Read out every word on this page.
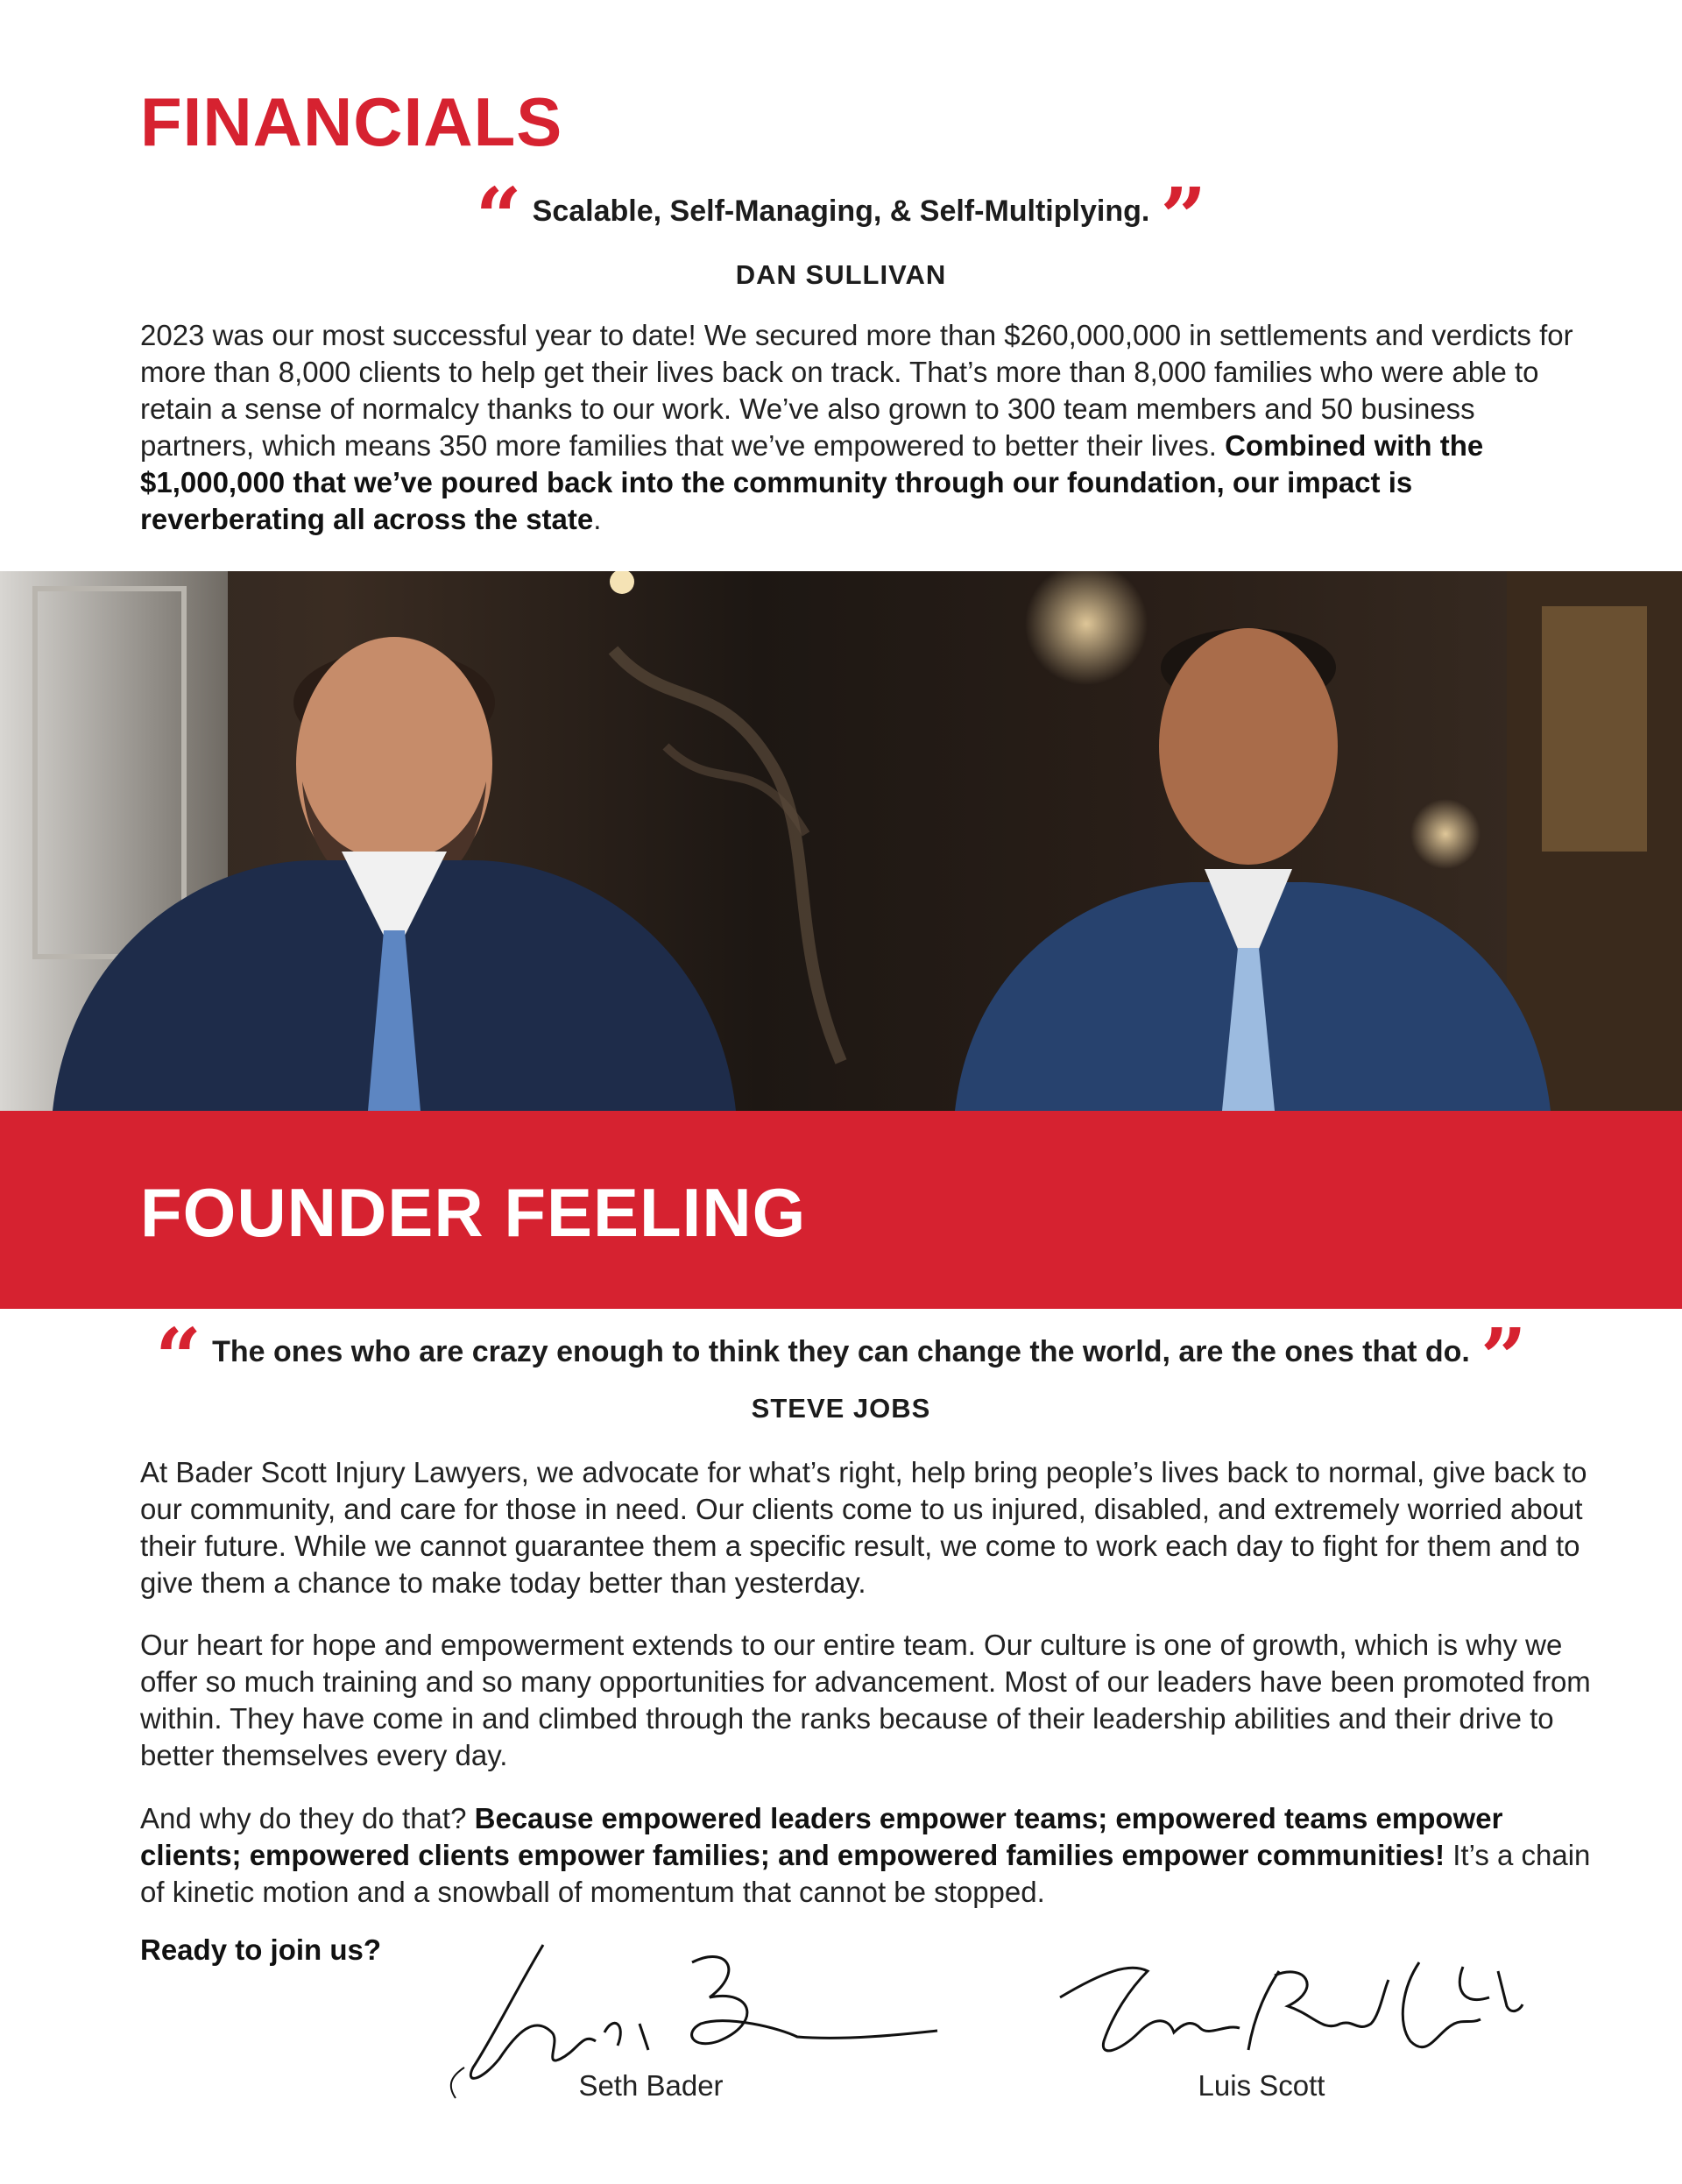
FINANCIALS
“ Scalable, Self-Managing, & Self-Multiplying. ”
DAN SULLIVAN

2023 was our most successful year to date! We secured more than $260,000,000 in settlements and verdicts for more than 8,000 clients to help get their lives back on track. That’s more than 8,000 families who were able to retain a sense of normalcy thanks to our work. We’ve also grown to 300 team members and 50 business partners, which means 350 more families that we’ve empowered to better their lives. Combined with the $1,000,000 that we’ve poured back into the community through our foundation, our impact is reverberating all across the state.

FOUNDER FEELING
“ The ones who are crazy enough to think they can change the world, are the ones that do. ”
STEVE JOBS

At Bader Scott Injury Lawyers, we advocate for what’s right, help bring people’s lives back to normal, give back to our community, and care for those in need. Our clients come to us injured, disabled, and extremely worried about their future. While we cannot guarantee them a specific result, we come to work each day to fight for them and to give them a chance to make today better than yesterday.

Our heart for hope and empowerment extends to our entire team. Our culture is one of growth, which is why we offer so much training and so many opportunities for advancement. Most of our leaders have been promoted from within. They have come in and climbed through the ranks because of their leadership abilities and their drive to better themselves every day.

And why do they do that? Because empowered leaders empower teams; empowered teams empower clients; empowered clients empower families; and empowered families empower communities! It’s a chain of kinetic motion and a snowball of momentum that cannot be stopped.

Ready to join us?
Seth Bader	Luis Scott
